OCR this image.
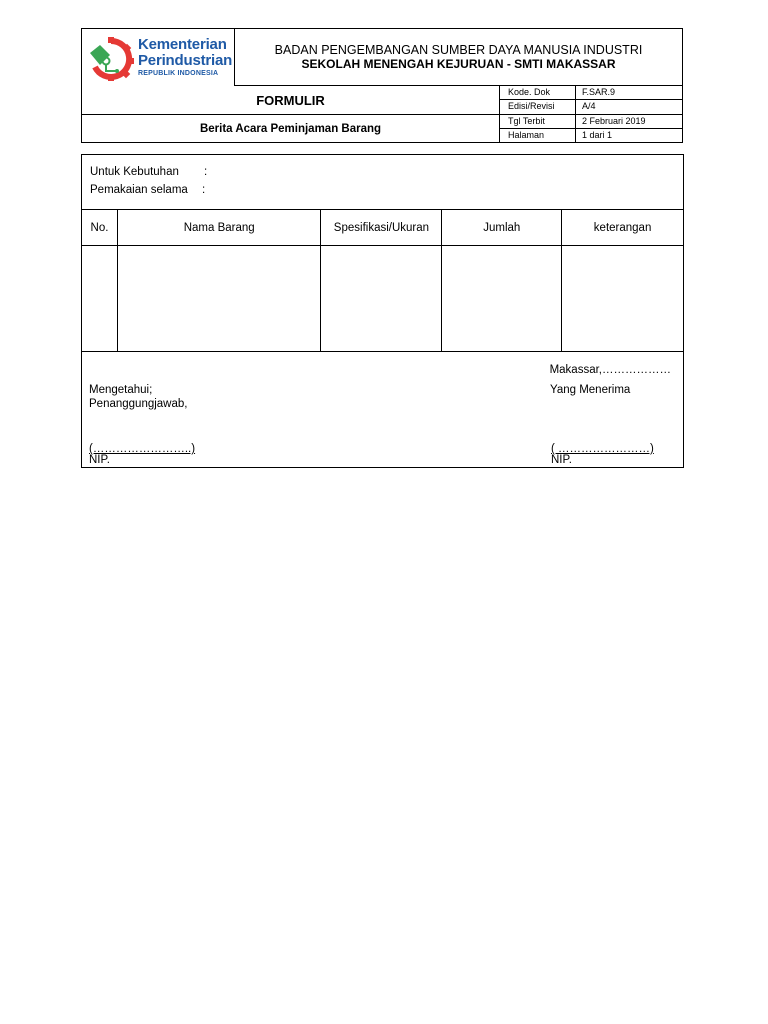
Kementerian
Perindustrian
REPUBLIK INDONESIA
BADAN PENGEMBANGAN SUMBER DAYA MANUSIA INDUSTRI
SEKOLAH MENENGAH KEJURUAN - SMTI MAKASSAR
FORMULIR
Berita Acara Peminjaman Barang
Kode. Dok	F.SAR.9
Edisi/Revisi	A/4
Tgl Terbit	2 Februari 2019
Halaman	1 dari 1
Untuk Kebutuhan :
Pemakaian selama :
No.	Nama Barang	Spesifikasi/Ukuran	Jumlah	keterangan

Makassar,………………
Mengetahui;
Penanggungjawab,
Yang Menerima
(……………………..)
NIP.
( ……………………)
NIP.
